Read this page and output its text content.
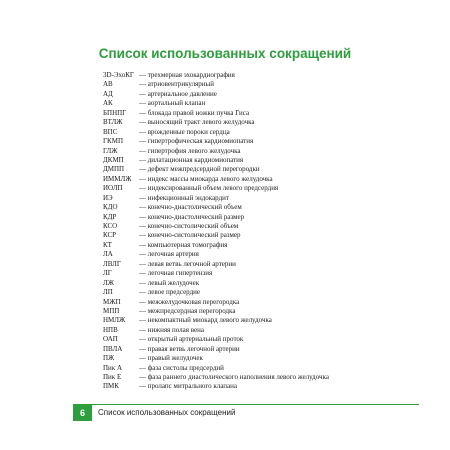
Список использованных сокращений
3D-ЭхоКГ — трехмерная эхокардиография
АВ	— атриовентрикулярный
АД	— артериальное давление
АК	— аортальный клапан
БПНПГ	— блокада правой ножки пучка Гиса
ВТЛЖ	— выносящий тракт левого желудочка
ВПС	— врожденные пороки сердца
ГКМП	— гипертрофическая кардиомиопатия
ГЛЖ	— гипертрофия левого желудочка
ДКМП	— дилатационная кардиомиопатия
ДМПП	— дефект межпредсердной перегородки
ИММЛЖ	— индекс массы миокарда левого желудочка
ИОЛП	— индексированный объем левого предсердия
ИЭ	— инфекционный эндокардит
КДО	— конечно-диастолический объем
КДР	— конечно-диастолический размер
КСО	— конечно-систолический объем
КСР	— конечно-систолический размер
КТ	— компьютерная томография
ЛА	— легочная артерия
ЛВЛГ	— левая ветвь легочной артерии
ЛГ	— легочная гипертензия
ЛЖ	— левый желудочек
ЛП	— левое предсердие
МЖП	— межжелудочковая перегородка
МПП	— межпредсердная перегородка
НМЛЖ	— некомпактный миокард левого желудочка
НПВ	— нижняя полая вена
ОАП	— открытый артериальный проток
ПВЛА	— правая ветвь легочной артерии
ПЖ	— правый желудочек
Пик А	— фаза систолы предсердий
Пик Е	— фаза раннего диастолического наполнения левого желудочка
ПМК	— пролапс митрального клапана
6	Список использованных сокращений
